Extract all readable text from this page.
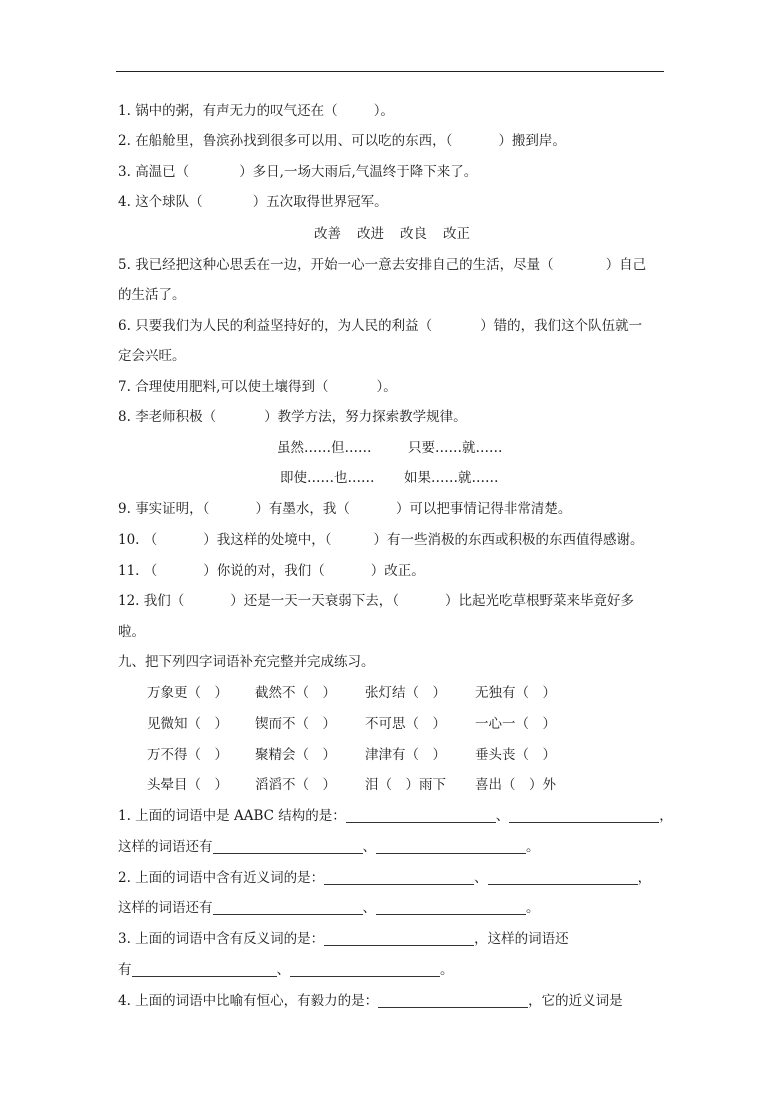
1. 锅中的粥，有声无力的叹气还在（	）。
2. 在船舱里，鲁滨孙找到很多可以用、可以吃的东西，（	）搬到岸。
3. 高温已（	）多日,一场大雨后,气温终于降下来了。
4. 这个球队（	）五次取得世界冠军。
改善 改进 改良 改正
5. 我已经把这种心思丢在一边，开始一心一意去安排自己的生活，尽量（	）自己
的生活了。
6. 只要我们为人民的利益坚持好的，为人民的利益（	）错的，我们这个队伍就一
定会兴旺。
7. 合理使用肥料,可以使土壤得到（	）。
8. 李老师积极（	）教学方法，努力探索教学规律。
虽然……但……	只要……就……
即使……也…… 如果……就……
9. 事实证明，（	）有墨水，我（	）可以把事情记得非常清楚。
10. （	）我这样的处境中，（	）有一些消极的东西或积极的东西值得感谢。
11. （	）你说的对，我们（	）改正。
12. 我们（	）还是一天一天衰弱下去，（	）比起光吃草根野菜来毕竟好多
啦。
九、把下列四字词语补充完整并完成练习。
万象更（　） 截然不（　） 张灯结（　） 无独有（　）
见微知（　） 锲而不（　） 不可思（　） 一心一（　）
万不得（　） 聚精会（　） 津津有（　） 垂头丧（　）
头晕目（　） 滔滔不（　） 泪（　）雨下 喜出（　）外
1. 上面的词语中是 AABC 结构的是：	、	，
这样的词语还有	、	。
2. 上面的词语中含有近义词的是：	、	，
这样的词语还有	、	。
3. 上面的词语中含有反义词的是：	，这样的词语还
有	、	。
4. 上面的词语中比喻有恒心，有毅力的是：	，它的近义词是
